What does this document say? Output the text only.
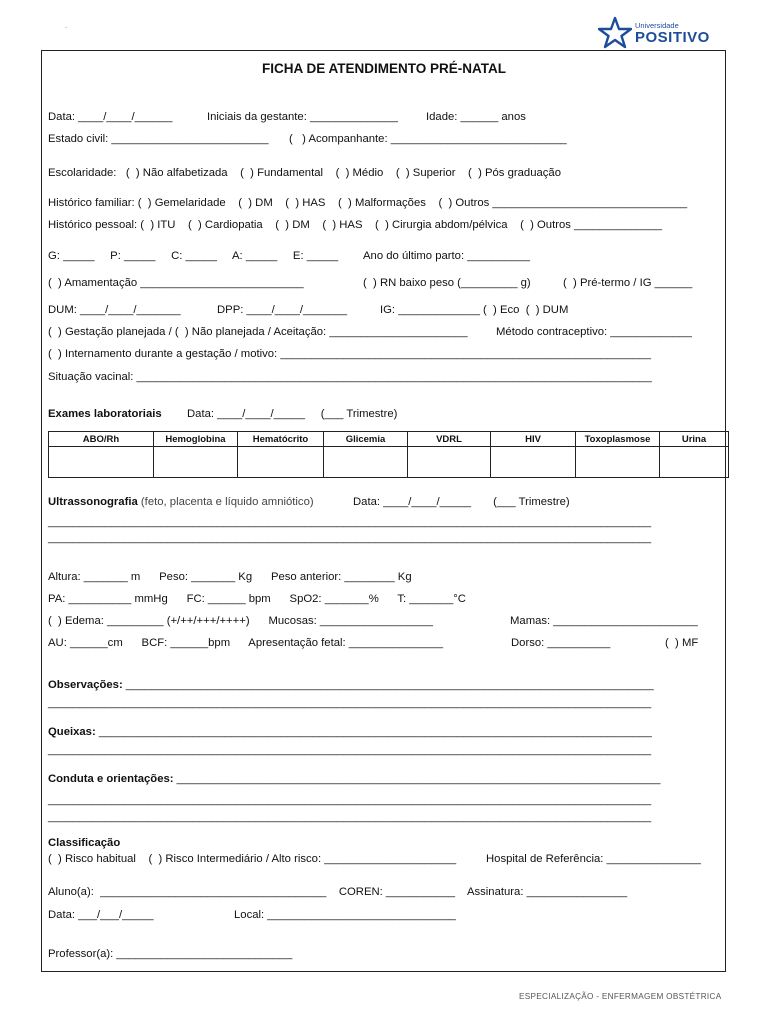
Universidade
POSITIVO
.
FICHA DE ATENDIMENTO PRÉ-NATAL
Data: ____/____/______	Iniciais da gestante: ______________ Idade: ______ anos
Estado civil: _________________________ (   ) Acompanhante: ____________________________
Escolaridade:   (  ) Não alfabetizada    (  ) Fundamental    (  ) Médio    (  ) Superior    (  ) Pós graduação
Histórico familiar: (  ) Gemelaridade    (  ) DM    (  ) HAS    (  ) Malformações    (  ) Outros _______________________________
Histórico pessoal: (  ) ITU    (  ) Cardiopatia    (  ) DM    (  ) HAS    (  ) Cirurgia abdom/pélvica    (  ) Outros ______________
G: _____     P: _____     C: _____     A: _____     E: _____ Ano do último parto: __________
(  ) Amamentação __________________________	(  ) RN baixo peso (_________ g)	(  ) Pré-termo / IG ______
DUM: ____/____/_______	DPP: ____/____/_______	IG: _____________ (  ) Eco  (  ) DUM
(  ) Gestação planejada / (  ) Não planejada / Aceitação: ______________________	Método contraceptivo: _____________
(  ) Internamento durante a gestação / motivo: ___________________________________________________________
Situação vacinal: __________________________________________________________________________________
Data: ____/____/_____     (___ Trimestre)
Data: ____/____/_____       (___ Trimestre)
________________________________________________________________________________________________
________________________________________________________________________________________________
Altura: _______ m      Peso: _______ Kg      Peso anterior: ________ Kg
PA: __________ mmHg      FC: ______ bpm      SpO2: _______%      T: _______°C
(  ) Edema: _________ (+/++/+++/++++)      Mucosas: __________________	Mamas: _______________________
AU: ______cm      BCF: ______bpm      Apresentação fetal: _______________	Dorso: __________	(  ) MF
________________________________________________________________________________________________
________________________________________________________________________________________________
________________________________________________________________________________________________
________________________________________________________________________________________________
(  ) Risco habitual    (  ) Risco Intermediário / Alto risco: _____________________	Hospital de Referência: _______________
Aluno(a):  ____________________________________    COREN: ___________    Assinatura: ________________
Data: ___/___/_____	Local: ______________________________
Professor(a): ____________________________
Exames laboratoriais
ABO/Rh	Hemoglobina	Hematócrito	Glicemia	VDRL	HIV	Toxoplasmose	Urina

Ultrassonografia (feto, placenta e líquido amniótico)
Observações: ____________________________________________________________________________________
Queixas: ________________________________________________________________________________________
Conduta e orientações: _____________________________________________________________________________
Classificação
ESPECIALIZAÇÃO - ENFERMAGEM OBSTÉTRICA
